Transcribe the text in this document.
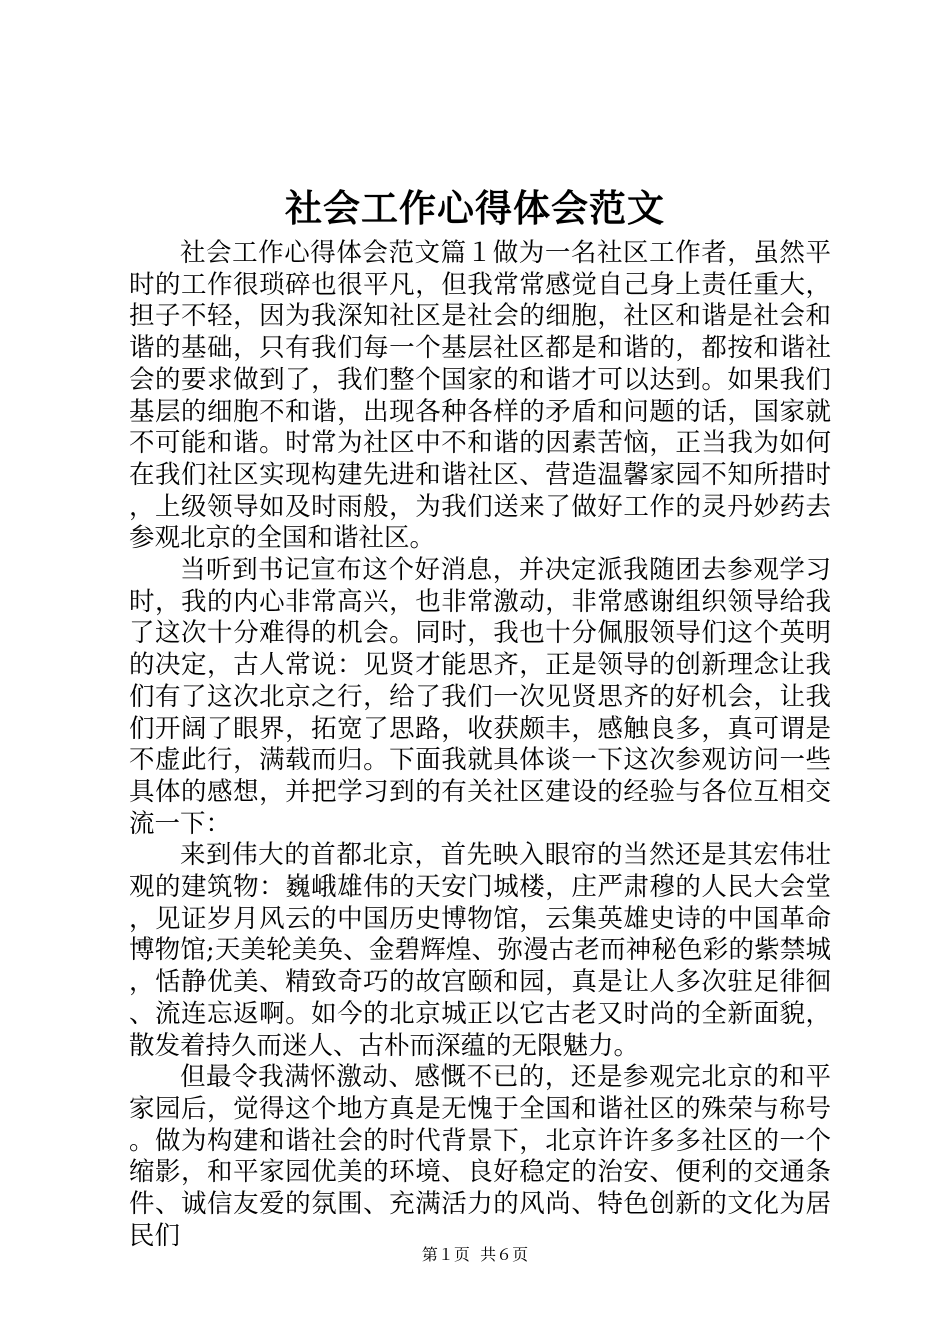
社会工作心得体会范文

社会工作心得体会范文篇１做为一名社区工作者，虽然平时的工作很琐碎也很平凡，但我常常感觉自己身上责任重大，担子不轻，因为我深知社区是社会的细胞，社区和谐是社会和谐的基础，只有我们每一个基层社区都是和谐的，都按和谐社会的要求做到了，我们整个国家的和谐才可以达到。如果我们基层的细胞不和谐，出现各种各样的矛盾和问题的话，国家就不可能和谐。时常为社区中不和谐的因素苦恼，正当我为如何在我们社区实现构建先进和谐社区、营造温馨家园不知所措时，上级领导如及时雨般，为我们送来了做好工作的灵丹妙药去参观北京的全国和谐社区。

当听到书记宣布这个好消息，并决定派我随团去参观学习时，我的内心非常高兴，也非常激动，非常感谢组织领导给我了这次十分难得的机会。同时，我也十分佩服领导们这个英明的决定，古人常说：见贤才能思齐，正是领导的创新理念让我们有了这次北京之行，给了我们一次见贤思齐的好机会，让我们开阔了眼界，拓宽了思路，收获颇丰，感触良多，真可谓是不虚此行，满载而归。下面我就具体谈一下这次参观访问一些具体的感想，并把学习到的有关社区建设的经验与各位互相交流一下：

来到伟大的首都北京，首先映入眼帘的当然还是其宏伟壮观的建筑物：巍峨雄伟的天安门城楼，庄严肃穆的人民大会堂，见证岁月风云的中国历史博物馆，云集英雄史诗的中国革命博物馆;天美轮美奂、金碧辉煌、弥漫古老而神秘色彩的紫禁城，恬静优美、精致奇巧的故宫颐和园，真是让人多次驻足徘徊、流连忘返啊。如今的北京城正以它古老又时尚的全新面貌，散发着持久而迷人、古朴而深蕴的无限魅力。

但最令我满怀激动、感慨不已的，还是参观完北京的和平家园后，觉得这个地方真是无愧于全国和谐社区的殊荣与称号。做为构建和谐社会的时代背景下，北京许许多多社区的一个缩影，和平家园优美的环境、良好稳定的治安、便利的交通条件、诚信友爱的氛围、充满活力的风尚、特色创新的文化为居民们

第１页  共６页
